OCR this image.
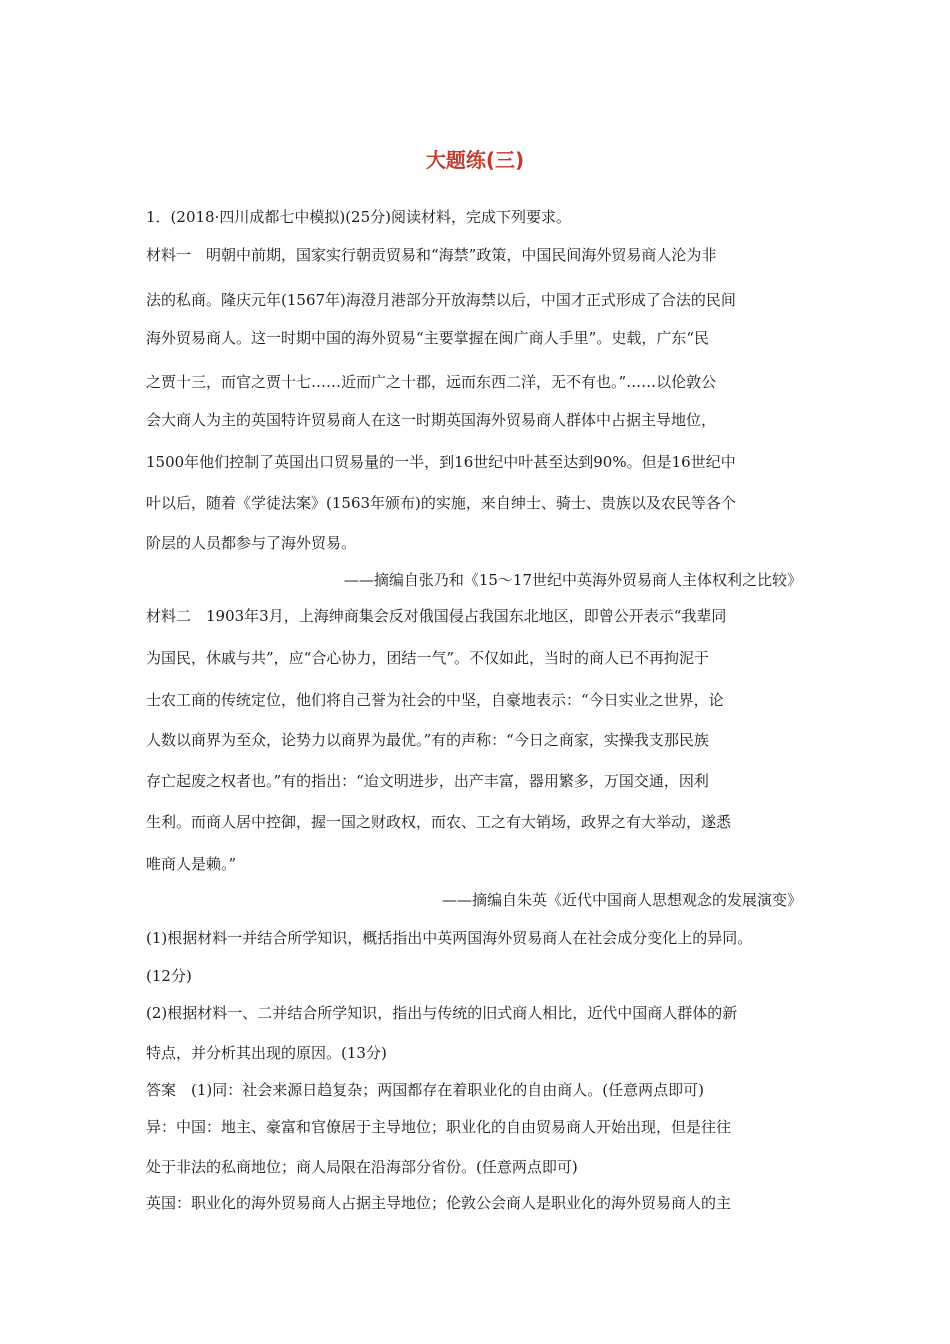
大题练(三)
1．(2018·四川成都七中模拟)(25分)阅读材料，完成下列要求。
材料一　明朝中前期，国家实行朝贡贸易和“海禁”政策，中国民间海外贸易商人沦为非
法的私商。隆庆元年(1567年)海澄月港部分开放海禁以后，中国才正式形成了合法的民间
海外贸易商人。这一时期中国的海外贸易“主要掌握在闽广商人手里”。史载，广东“民
之贾十三，而官之贾十七……近而广之十郡，远而东西二洋，无不有也。”……以伦敦公
会大商人为主的英国特许贸易商人在这一时期英国海外贸易商人群体中占据主导地位，
1500年他们控制了英国出口贸易量的一半，到16世纪中叶甚至达到90%。但是16世纪中
叶以后，随着《学徒法案》(1563年颁布)的实施，来自绅士、骑士、贵族以及农民等各个
阶层的人员都参与了海外贸易。
——摘编自张乃和《15～17世纪中英海外贸易商人主体权利之比较》
材料二　1903年3月，上海绅商集会反对俄国侵占我国东北地区，即曾公开表示“我辈同
为国民，休戚与共”，应“合心协力，团结一气”。不仅如此，当时的商人已不再拘泥于
士农工商的传统定位，他们将自己誉为社会的中坚，自豪地表示：“今日实业之世界，论
人数以商界为至众，论势力以商界为最优。”有的声称：“今日之商家，实操我支那民族
存亡起废之权者也。”有的指出：“迨文明进步，出产丰富，器用繁多，万国交通，因利
生利。而商人居中控御，握一国之财政权，而农、工之有大销场，政界之有大举动，遂悉
唯商人是赖。”
——摘编自朱英《近代中国商人思想观念的发展演变》
(1)根据材料一并结合所学知识，概括指出中英两国海外贸易商人在社会成分变化上的异同。
(12分)
(2)根据材料一、二并结合所学知识，指出与传统的旧式商人相比，近代中国商人群体的新
特点，并分析其出现的原因。(13分)
答案　(1)同：社会来源日趋复杂；两国都存在着职业化的自由商人。(任意两点即可)
异：中国：地主、豪富和官僚居于主导地位；职业化的自由贸易商人开始出现，但是往往
处于非法的私商地位；商人局限在沿海部分省份。(任意两点即可)
英国：职业化的海外贸易商人占据主导地位；伦敦公会商人是职业化的海外贸易商人的主
